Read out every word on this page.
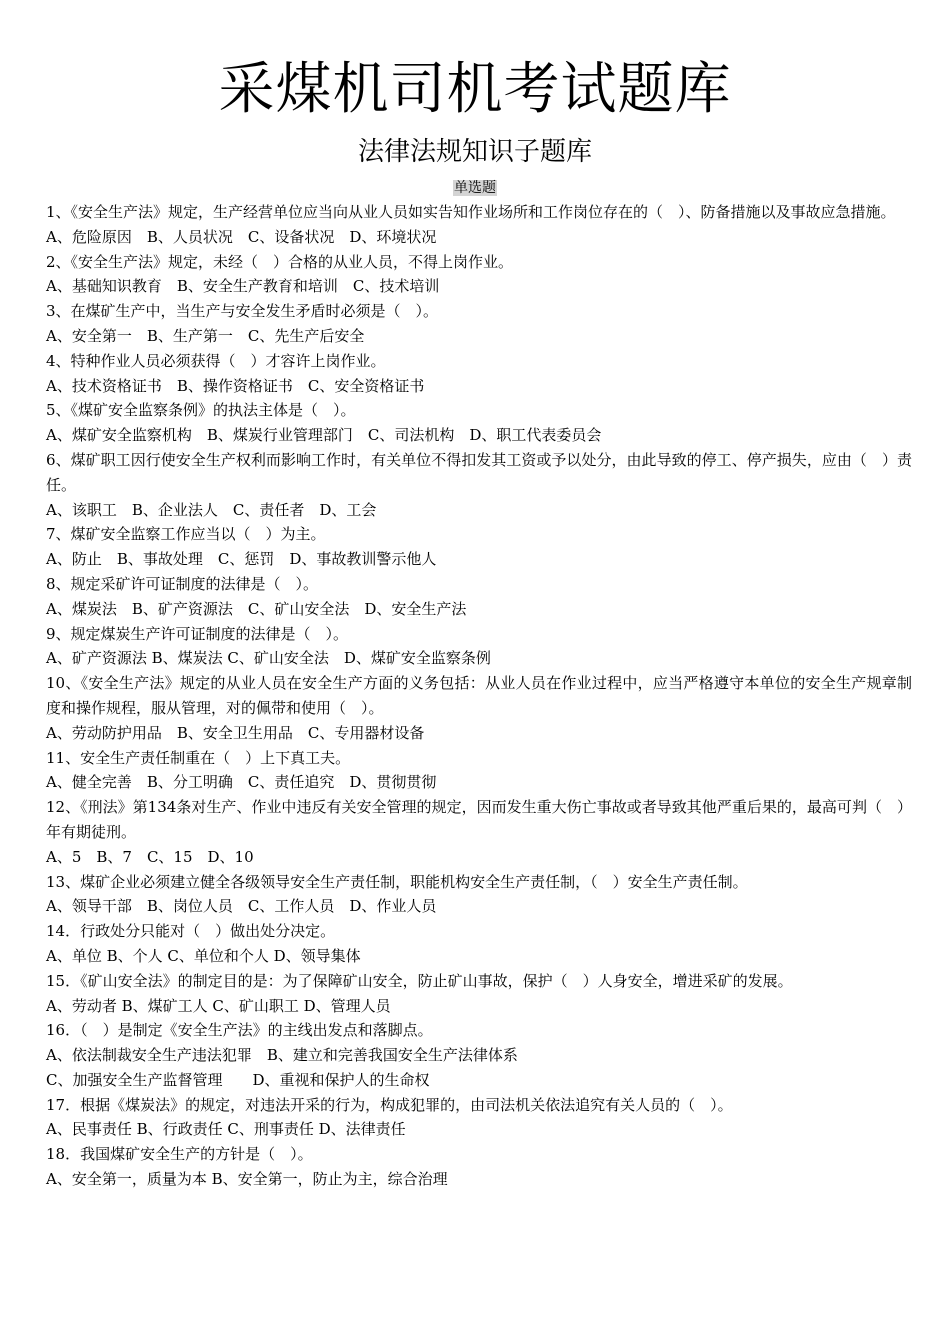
采煤机司机考试题库
法律法规知识子题库
单选题

1、《安全生产法》规定，生产经营单位应当向从业人员如实告知作业场所和工作岗位存在的（　）、防备措施以及事故应急措施。

A、危险原因　B、人员状况　C、设备状况　D、环境状况

2、《安全生产法》规定，未经（　）合格的从业人员，不得上岗作业。

A、基础知识教育　B、安全生产教育和培训　C、技术培训

3、在煤矿生产中，当生产与安全发生矛盾时必须是（　）。

A、安全第一　B、生产第一　C、先生产后安全

4、特种作业人员必须获得（　）才容许上岗作业。

A、技术资格证书　B、操作资格证书　C、安全资格证书

5、《煤矿安全监察条例》的执法主体是（　）。

A、煤矿安全监察机构　B、煤炭行业管理部门　C、司法机构　D、职工代表委员会

6、煤矿职工因行使安全生产权利而影响工作时，有关单位不得扣发其工资或予以处分，由此导致的停工、停产损失，应由（　）责任。

A、该职工　B、企业法人　C、责任者　D、工会

7、煤矿安全监察工作应当以（　）为主。

A、防止　B、事故处理　C、惩罚　D、事故教训警示他人

8、规定采矿许可证制度的法律是（　）。

A、煤炭法　B、矿产资源法　C、矿山安全法　D、安全生产法

9、规定煤炭生产许可证制度的法律是（　）。

A、矿产资源法 B、煤炭法 C、矿山安全法　D、煤矿安全监察条例

10、《安全生产法》规定的从业人员在安全生产方面的义务包括：从业人员在作业过程中，应当严格遵守本单位的安全生产规章制度和操作规程，服从管理，对的佩带和使用（　）。

A、劳动防护用品　B、安全卫生用品　C、专用器材设备

11、安全生产责任制重在（　）上下真工夫。

A、健全完善　B、分工明确　C、责任追究　D、贯彻贯彻

12、《刑法》第134条对生产、作业中违反有关安全管理的规定，因而发生重大伤亡事故或者导致其他严重后果的，最高可判（　）年有期徒刑。

A、5　B、7　C、15　D、10

13、煤矿企业必须建立健全各级领导安全生产责任制，职能机构安全生产责任制，（　）安全生产责任制。

A、领导干部　B、岗位人员　C、工作人员　D、作业人员

14．行政处分只能对（　）做出处分决定。

A、单位 B、个人 C、单位和个人 D、领导集体

15．《矿山安全法》的制定目的是：为了保障矿山安全，防止矿山事故，保护（　）人身安全，增进采矿的发展。

A、劳动者 B、煤矿工人 C、矿山职工 D、管理人员

16．（　）是制定《安全生产法》的主线出发点和落脚点。

A、依法制裁安全生产违法犯罪　B、建立和完善我国安全生产法律体系

C、加强安全生产监督管理　　D、重视和保护人的生命权

17．根据《煤炭法》的规定，对违法开采的行为，构成犯罪的，由司法机关依法追究有关人员的（　）。

A、民事责任 B、行政责任 C、刑事责任 D、法律责任

18．我国煤矿安全生产的方针是（　）。

A、安全第一，质量为本 B、安全第一，防止为主，综合治理
